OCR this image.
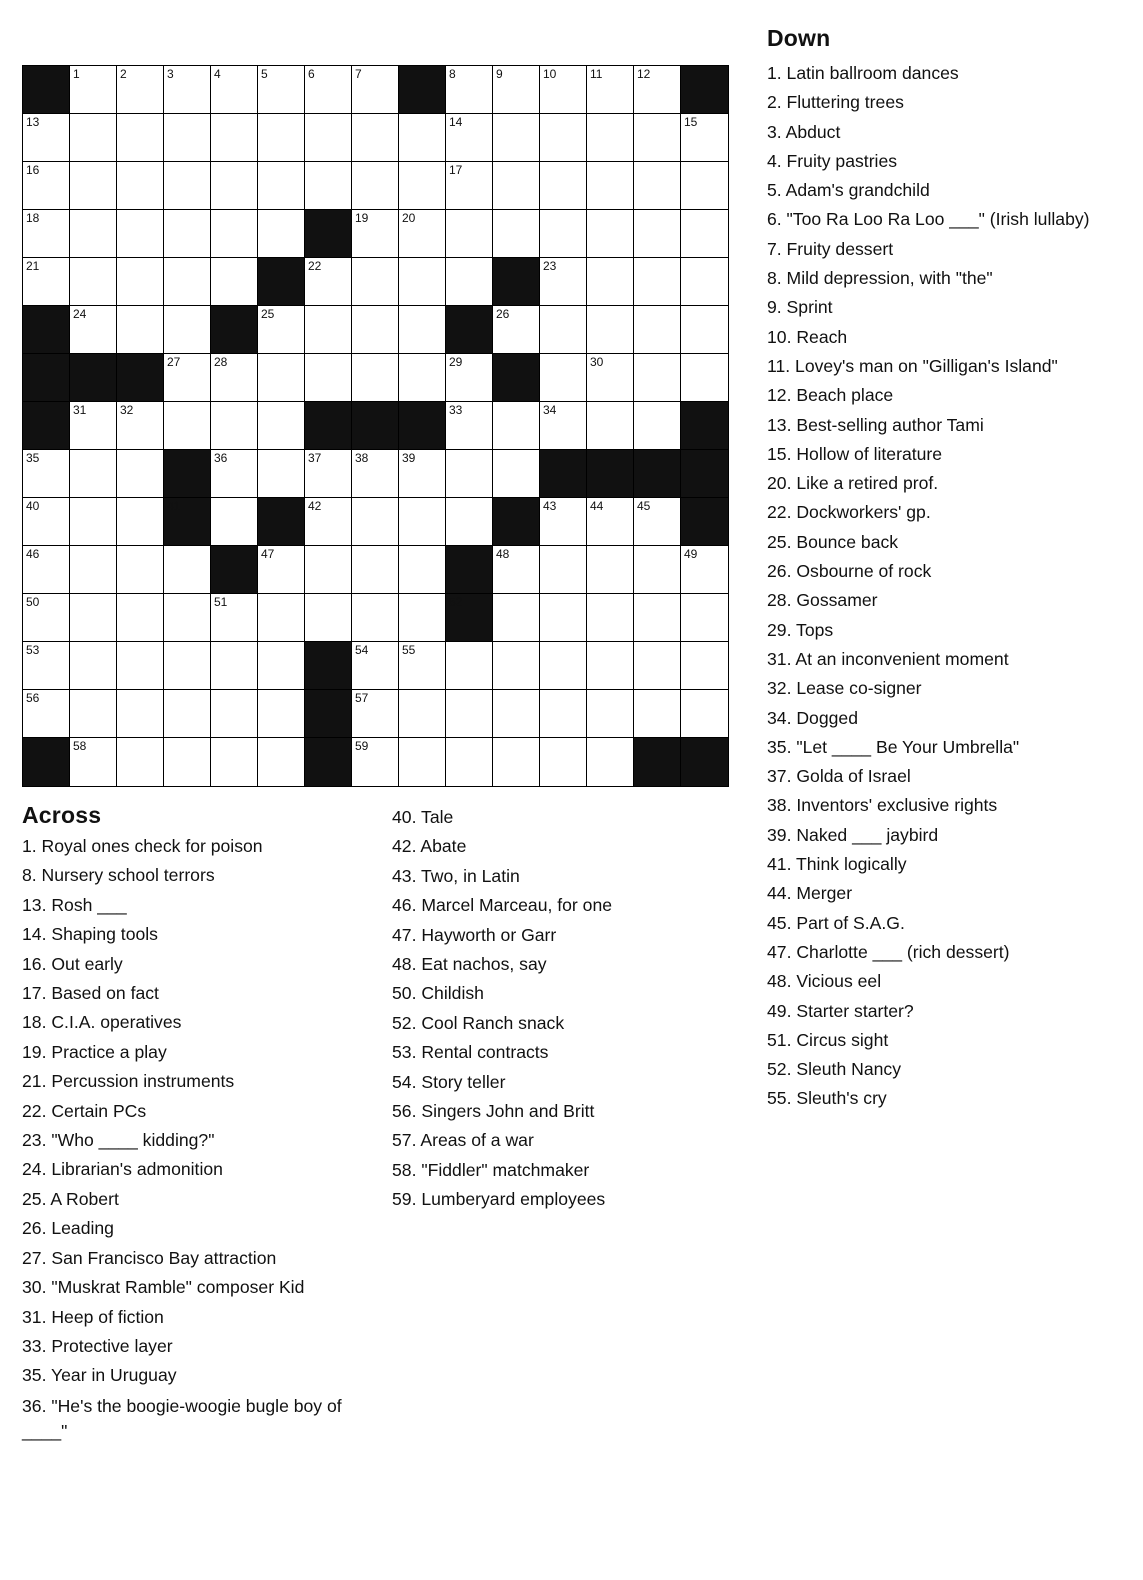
Down
1. Latin ballroom dances
2. Fluttering trees
3. Abduct
4. Fruity pastries
5. Adam's grandchild
6. "Too Ra Loo Ra Loo ___" (Irish lullaby)
7. Fruity dessert
8. Mild depression, with "the"
9. Sprint
10. Reach
11. Lovey's man on "Gilligan's Island"
12. Beach place
13. Best-selling author Tami
15. Hollow of literature
20. Like a retired prof.
22. Dockworkers' gp.
25. Bounce back
26. Osbourne of rock
28. Gossamer
29. Tops
31. At an inconvenient moment
32. Lease co-signer
34. Dogged
35. "Let ____ Be Your Umbrella"
37. Golda of Israel
38. Inventors' exclusive rights
39. Naked ___ jaybird
41. Think logically
44. Merger
45. Part of S.A.G.
47. Charlotte ___ (rich dessert)
48. Vicious eel
49. Starter starter?
51. Circus sight
52. Sleuth Nancy
55. Sleuth's cry
1	2	3	4	5	6	7	8	9	10	11	12
13	14	15
16	17
18	19	20
21	22	23
24	25	26
27	28	29	30
31	32	33	34
35	36	37	38	39
40	41	42	43	44	45
46	47	48	49
50	51	52
53	54	55
56	57
58	59
Across
1. Royal ones check for poison
8. Nursery school terrors
13. Rosh ___
14. Shaping tools
16. Out early
17. Based on fact
18. C.I.A. operatives
19. Practice a play
21. Percussion instruments
22. Certain PCs
23. "Who ____ kidding?"
24. Librarian's admonition
25. A Robert
26. Leading
27. San Francisco Bay attraction
30. "Muskrat Ramble" composer Kid
31. Heep of fiction
33. Protective layer
35. Year in Uruguay
36. "He's the boogie-woogie bugle boy of ____"
40. Tale
42. Abate
43. Two, in Latin
46. Marcel Marceau, for one
47. Hayworth or Garr
48. Eat nachos, say
50. Childish
52. Cool Ranch snack
53. Rental contracts
54. Story teller
56. Singers John and Britt
57. Areas of a war
58. "Fiddler" matchmaker
59. Lumberyard employees
